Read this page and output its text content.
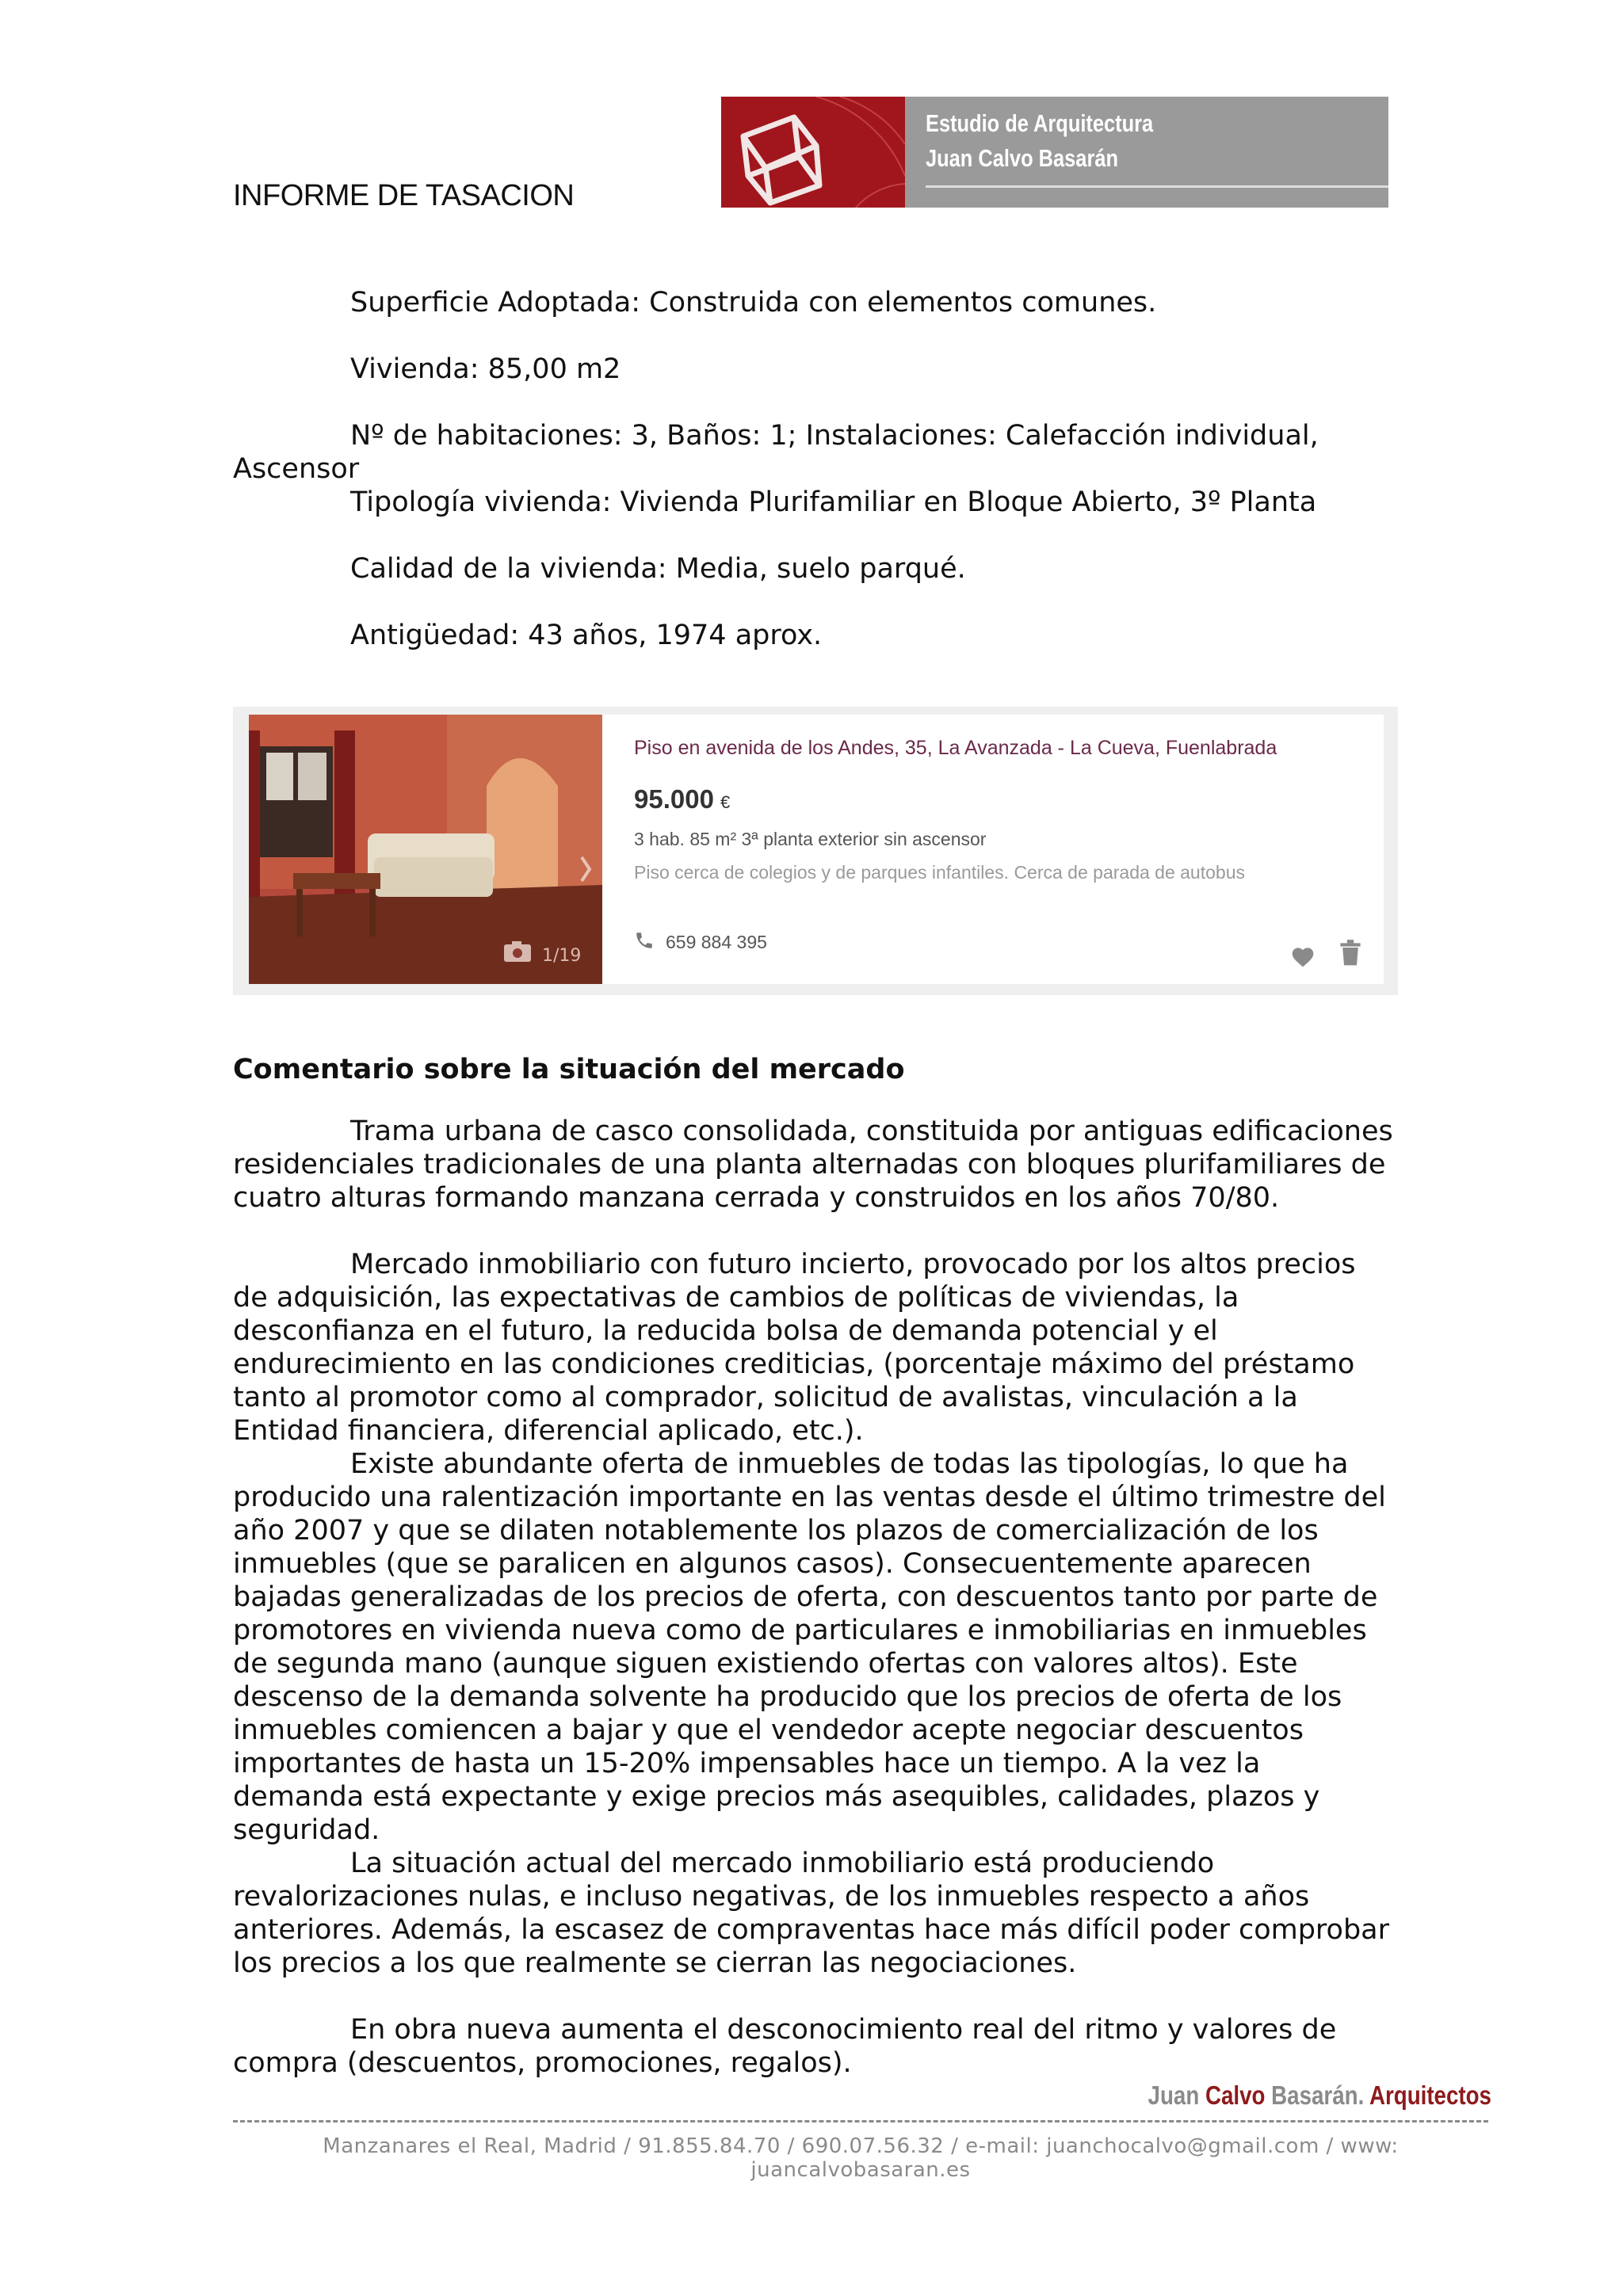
INFORME DE TASACION
Estudio de Arquitectura
Juan Calvo Basarán
Superficie Adoptada: Construida con elementos comunes.
Vivienda: 85,00 m2
Nº de habitaciones: 3, Baños: 1; Instalaciones: Calefacción individual, Ascensor
Tipología vivienda: Vivienda Plurifamiliar en Bloque Abierto, 3º Planta
Calidad de la vivienda: Media, suelo parqué.
Antigüedad: 43 años, 1974 aprox.
1/19
Piso en avenida de los Andes, 35, La Avanzada - La Cueva, Fuenlabrada
95.000 €
3 hab. 85 m² 3ª planta exterior sin ascensor
Piso cerca de colegios y de parques infantiles. Cerca de parada de autobus
659 884 395
Comentario sobre la situación del mercado
Trama urbana de casco consolidada, constituida por antiguas edificaciones residenciales tradicionales de una planta alternadas con bloques plurifamiliares de cuatro alturas formando manzana cerrada y construidos en los años 70/80.
Mercado inmobiliario con futuro incierto, provocado por los altos precios de adquisición, las expectativas de cambios de políticas de viviendas, la desconfianza en el futuro, la reducida bolsa de demanda potencial y el endurecimiento en las condiciones crediticias, (porcentaje máximo del préstamo tanto al promotor como al comprador, solicitud de avalistas, vinculación a la Entidad financiera, diferencial aplicado, etc.).
Existe abundante oferta de inmuebles de todas las tipologías, lo que ha producido una ralentización importante en las ventas desde el último trimestre del año 2007 y que se dilaten notablemente los plazos de comercialización de los inmuebles (que se paralicen en algunos casos). Consecuentemente aparecen bajadas generalizadas de los precios de oferta, con descuentos tanto por parte de promotores en vivienda nueva como de particulares e inmobiliarias en inmuebles de segunda mano (aunque siguen existiendo ofertas con valores altos). Este descenso de la demanda solvente ha producido que los precios de oferta de los inmuebles comiencen a bajar y que el vendedor acepte negociar descuentos importantes de hasta un 15-20% impensables hace un tiempo. A la vez la demanda está expectante y exige precios más asequibles, calidades, plazos y seguridad.
La situación actual del mercado inmobiliario está produciendo revalorizaciones nulas, e incluso negativas, de los inmuebles respecto a años anteriores. Además, la escasez de compraventas hace más difícil poder comprobar los precios a los que realmente se cierran las negociaciones.
En obra nueva aumenta el desconocimiento real del ritmo y valores de compra (descuentos, promociones, regalos).
Juan Calvo Basarán. Arquitectos
Manzanares el Real, Madrid / 91.855.84.70 / 690.07.56.32 / e-mail: juanchocalvo@gmail.com / www: juancalvobasaran.es
